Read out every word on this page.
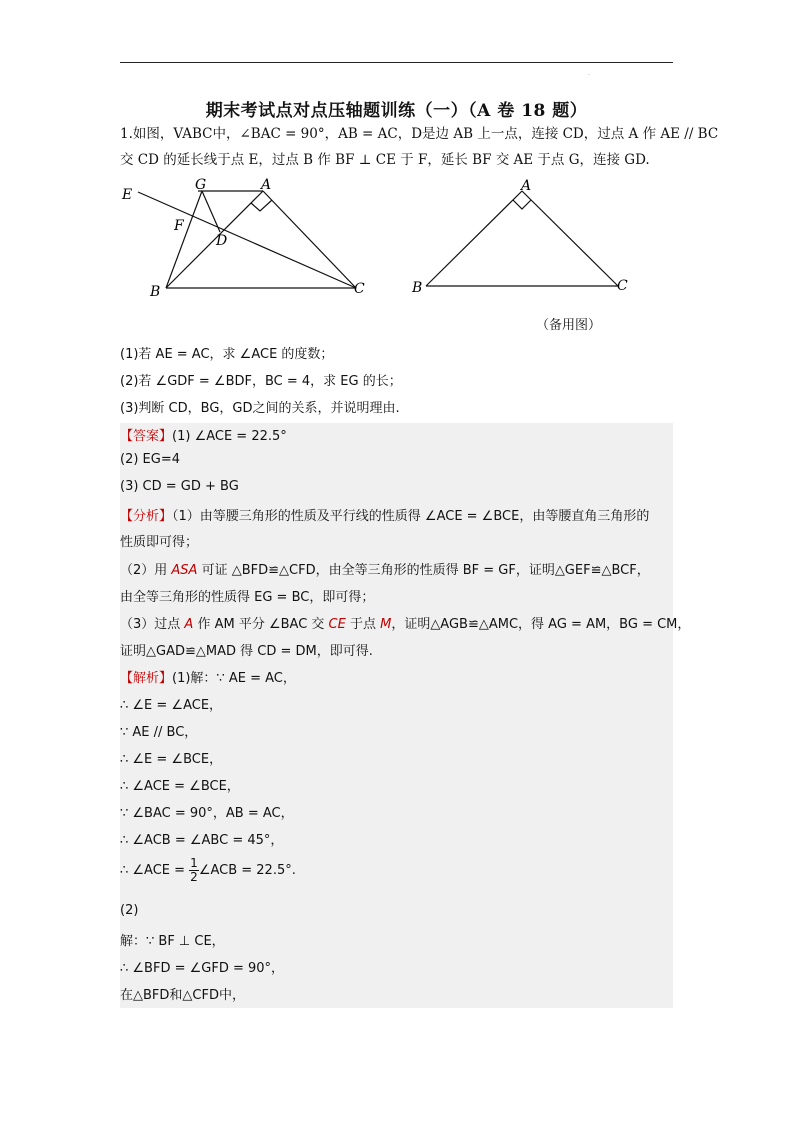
·
期末考试点对点压轴题训练（一）（A 卷 18 题）
1.如图，VABC中，∠BAC = 90°，AB = AC，D是边 AB 上一点，连接 CD，过点 A 作 AE // BC
交 CD 的延长线于点 E，过点 B 作 BF ⊥ CE 于 F，延长 BF 交 AE 于点 G，连接 GD.
E
G	A
F
D
B	C
A
B	C
（备用图）
(1)若 AE = AC，求 ∠ACE 的度数；
(2)若 ∠GDF = ∠BDF，BC = 4，求 EG 的长；
(3)判断 CD，BG，GD之间的关系，并说明理由.
【答案】(1) ∠ACE = 22.5°
(2) EG=4
(3) CD = GD + BG
【分析】（1）由等腰三角形的性质及平行线的性质得 ∠ACE = ∠BCE，由等腰直角三角形的
性质即可得；
（2）用 ASA 可证 △BFD≌△CFD，由全等三角形的性质得 BF = GF，证明△GEF≌△BCF，
由全等三角形的性质得 EG = BC，即可得；
（3）过点 A 作 AM 平分 ∠BAC 交 CE 于点 M，证明△AGB≌△AMC，得 AG = AM，BG = CM，
证明△GAD≌△MAD 得 CD = DM，即可得.
【解析】(1)解：∵ AE = AC，
∴ ∠E = ∠ACE，
∵ AE // BC，
∴ ∠E = ∠BCE，
∴ ∠ACE = ∠BCE，
∵ ∠BAC = 90°，AB = AC，
∴ ∠ACB = ∠ABC = 45°，
∴ ∠ACE = $\frac{1}{2}$ ∠ACB = 22.5°.
(2)
解：∵ BF ⊥ CE，
∴ ∠BFD = ∠GFD = 90°，
在△BFD和△CFD中，
